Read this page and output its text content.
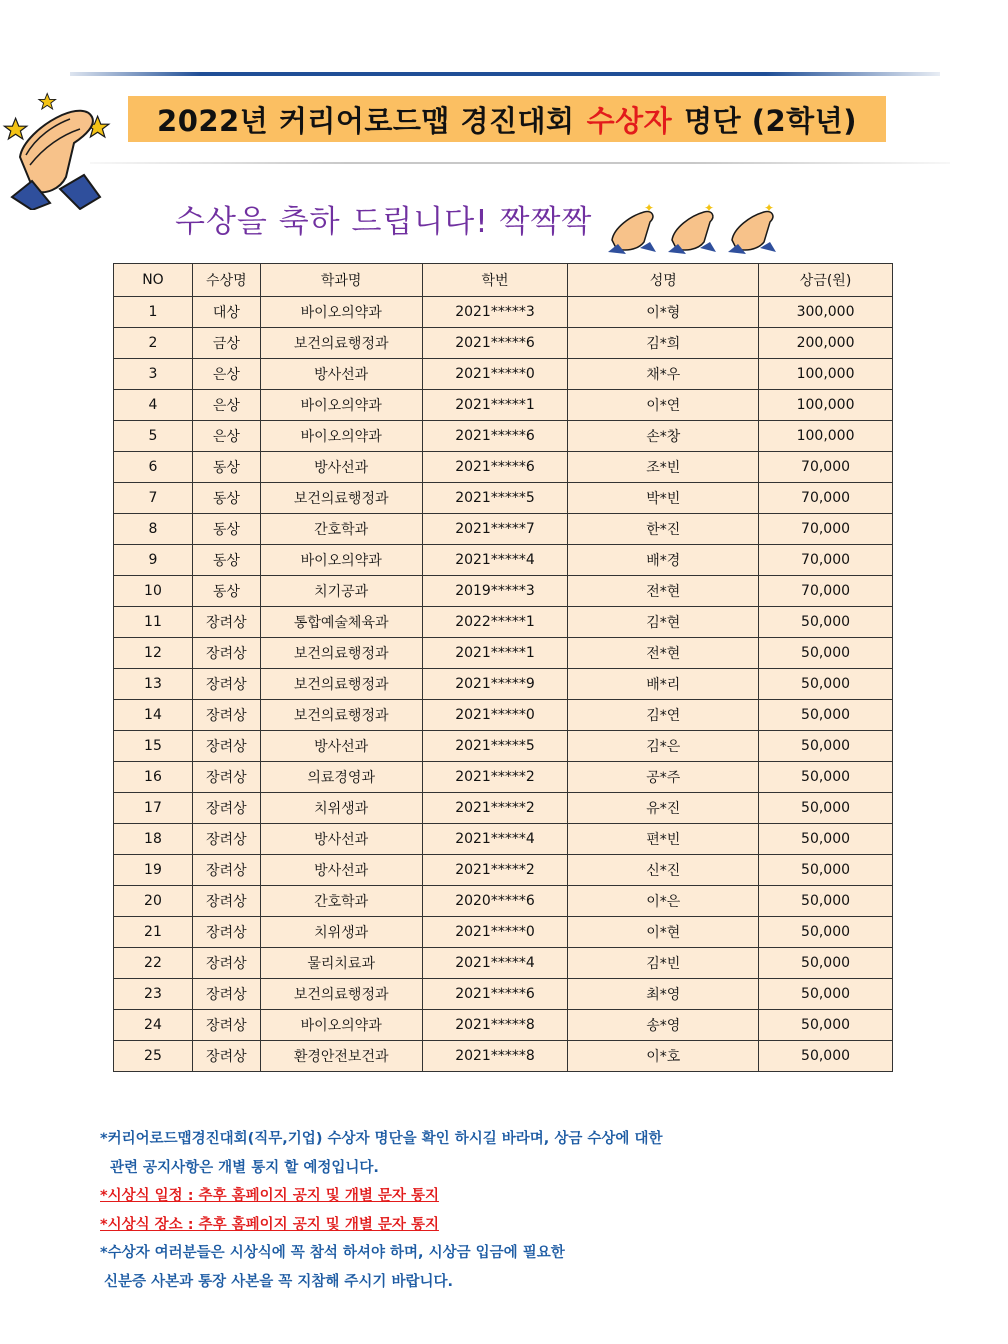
2022년 커리어로드맵 경진대회 수상자 명단 (2학년)
수상을 축하 드립니다! 짝짝짝	✦	✦	✦
NO	수상명	학과명	학번	성명	상금(원)
1	대상	바이오의약과	2021*****3	이*형	300,000
2	금상	보건의료행정과	2021*****6	김*희	200,000
3	은상	방사선과	2021*****0	채*우	100,000
4	은상	바이오의약과	2021*****1	이*연	100,000
5	은상	바이오의약과	2021*****6	손*창	100,000
6	동상	방사선과	2021*****6	조*빈	70,000
7	동상	보건의료행정과	2021*****5	박*빈	70,000
8	동상	간호학과	2021*****7	한*진	70,000
9	동상	바이오의약과	2021*****4	배*경	70,000
10	동상	치기공과	2019*****3	전*현	70,000
11	장려상	통합예술체육과	2022*****1	김*현	50,000
12	장려상	보건의료행정과	2021*****1	전*현	50,000
13	장려상	보건의료행정과	2021*****9	배*리	50,000
14	장려상	보건의료행정과	2021*****0	김*연	50,000
15	장려상	방사선과	2021*****5	김*은	50,000
16	장려상	의료경영과	2021*****2	공*주	50,000
17	장려상	치위생과	2021*****2	유*진	50,000
18	장려상	방사선과	2021*****4	편*빈	50,000
19	장려상	방사선과	2021*****2	신*진	50,000
20	장려상	간호학과	2020*****6	이*은	50,000
21	장려상	치위생과	2021*****0	이*현	50,000
22	장려상	물리치료과	2021*****4	김*빈	50,000
23	장려상	보건의료행정과	2021*****6	최*영	50,000
24	장려상	바이오의약과	2021*****8	송*영	50,000
25	장려상	환경안전보건과	2021*****8	이*호	50,000
*커리어로드맵경진대회(직무,기업) 수상자 명단을 확인 하시길 바라며, 상금 수상에 대한
관련 공지사항은 개별 통지 할 예정입니다.
*시상식 일정 : 추후 홈페이지 공지 및 개별 문자 통지
*시상식 장소 : 추후 홈페이지 공지 및 개별 문자 통지
*수상자 여러분들은 시상식에 꼭 참석 하셔야 하며, 시상금 입금에 필요한
신분증 사본과 통장 사본을 꼭 지참해 주시기 바랍니다.
